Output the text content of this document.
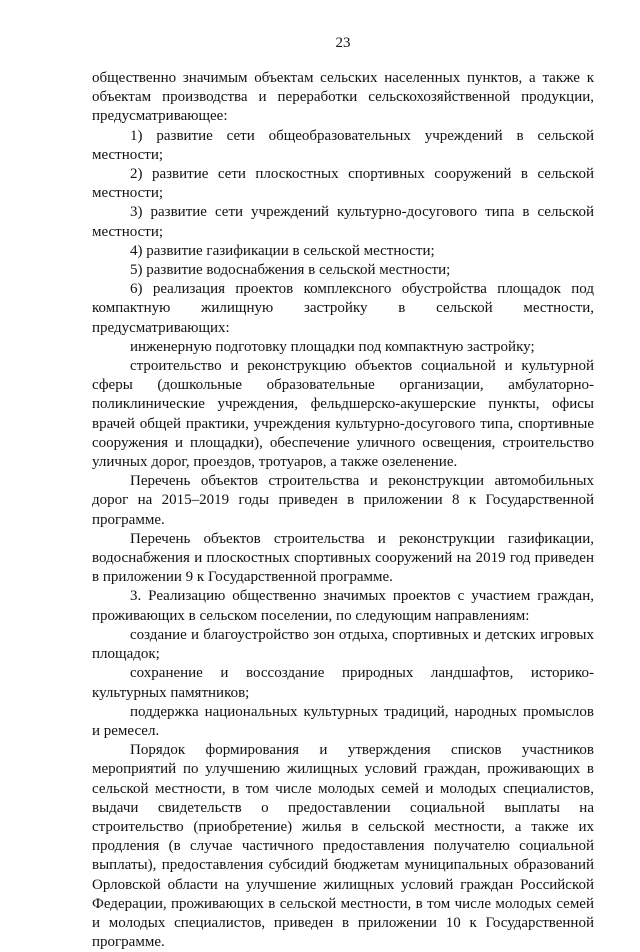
23

общественно значимым объектам сельских населенных пунктов, а также к объектам производства и переработки сельскохозяйственной продукции, предусматривающее:

1) развитие сети общеобразовательных учреждений в сельской местности;

2) развитие сети плоскостных спортивных сооружений в сельской местности;

3) развитие сети учреждений культурно-досугового типа в сельской местности;

4) развитие газификации в сельской местности;

5) развитие водоснабжения в сельской местности;

6) реализация проектов комплексного обустройства площадок под компактную жилищную застройку в сельской местности, предусматривающих:

инженерную подготовку площадки под компактную застройку;

строительство и реконструкцию объектов социальной и культурной сферы (дошкольные образовательные организации, амбулаторно-поликлинические учреждения, фельдшерско-акушерские пункты, офисы врачей общей практики, учреждения культурно-досугового типа, спортивные сооружения и площадки), обеспечение уличного освещения, строительство уличных дорог, проездов, тротуаров, а также озеленение.

Перечень объектов строительства и реконструкции автомобильных дорог на 2015–2019 годы приведен в приложении 8 к Государственной программе.

Перечень объектов строительства и реконструкции газификации, водоснабжения и плоскостных спортивных сооружений на 2019 год приведен в приложении 9 к Государственной программе.

3. Реализацию общественно значимых проектов с участием граждан, проживающих в сельском поселении, по следующим направлениям:

создание и благоустройство зон отдыха, спортивных и детских игровых площадок;

сохранение и воссоздание природных ландшафтов, историко-культурных памятников;

поддержка национальных культурных традиций, народных промыслов и ремесел.

Порядок формирования и утверждения списков участников мероприятий по улучшению жилищных условий граждан, проживающих в сельской местности, в том числе молодых семей и молодых специалистов, выдачи свидетельств о предоставлении социальной выплаты на строительство (приобретение) жилья в сельской местности, а также их продления (в случае частичного предоставления получателю социальной выплаты), предоставления субсидий бюджетам муниципальных образований Орловской области на улучшение жилищных условий граждан Российской Федерации, проживающих в сельской местности, в том числе молодых семей и молодых специалистов, приведен в приложении 10 к Государственной программе.
